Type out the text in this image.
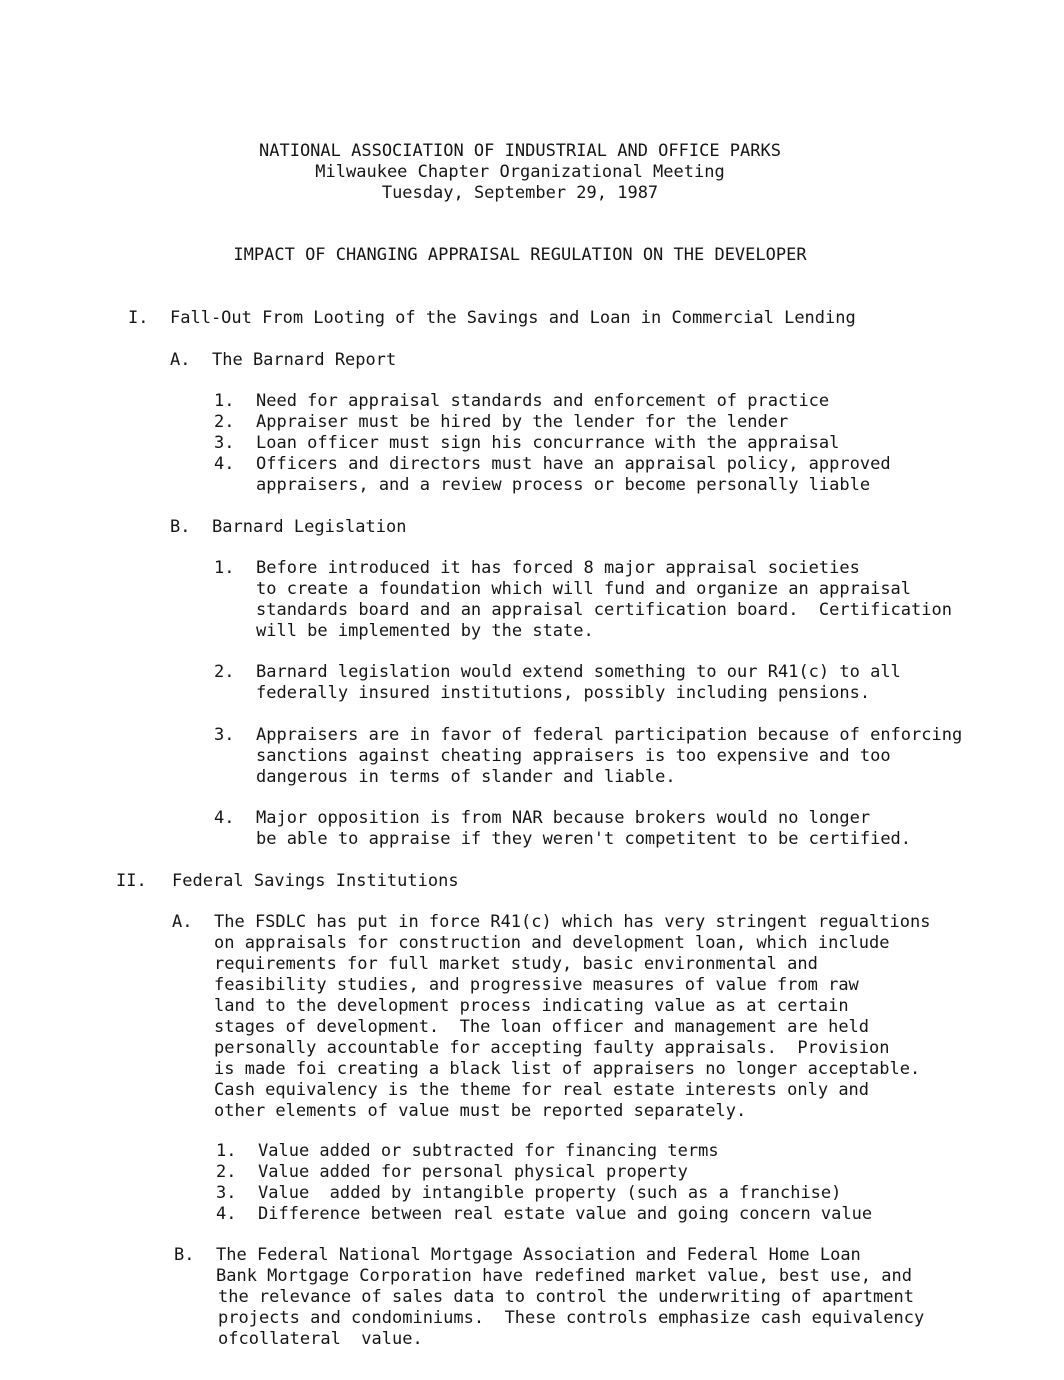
NATIONAL ASSOCIATION OF INDUSTRIAL AND OFFICE PARKS

Milwaukee Chapter Organizational Meeting

Tuesday, September 29, 1987

IMPACT OF CHANGING APPRAISAL REGULATION ON THE DEVELOPER

I. Fall-Out From Looting of the Savings and Loan in Commercial Lending

A. The Barnard Report

1. Need for appraisal standards and enforcement of practice

2. Appraiser must be hired by the lender for the lender

3. Loan officer must sign his concurrance with the appraisal

4. Officers and directors must have an appraisal policy, approved

appraisers, and a review process or become personally liable

B. Barnard Legislation

1. Before introduced it has forced 8 major appraisal societies

to create a foundation which will fund and organize an appraisal

standards board and an appraisal certification board.  Certification

will be implemented by the state.

2. Barnard legislation would extend something to our R41(c) to all

federally insured institutions, possibly including pensions.

3. Appraisers are in favor of federal participation because of enforcing

sanctions against cheating appraisers is too expensive and too

dangerous in terms of slander and liable.

4. Major opposition is from NAR because brokers would no longer

be able to appraise if they weren't competitent to be certified.

II. Federal Savings Institutions

A. The FSDLC has put in force R41(c) which has very stringent regualtions

on appraisals for construction and development loan, which include

requirements for full market study, basic environmental and

feasibility studies, and progressive measures of value from raw

land to the development process indicating value as at certain

stages of development.  The loan officer and management are held

personally accountable for accepting faulty appraisals.  Provision

is made foi creating a black list of appraisers no longer acceptable.

Cash equivalency is the theme for real estate interests only and

other elements of value must be reported separately.

1. Value added or subtracted for financing terms

2. Value added for personal physical property

3. Value  added by intangible property (such as a franchise)

4. Difference between real estate value and going concern value

B. The Federal National Mortgage Association and Federal Home Loan

Bank Mortgage Corporation have redefined market value, best use, and

the relevance of sales data to control the underwriting of apartment

projects and condominiums.  These controls emphasize cash equivalency

ofcollateral  value.
